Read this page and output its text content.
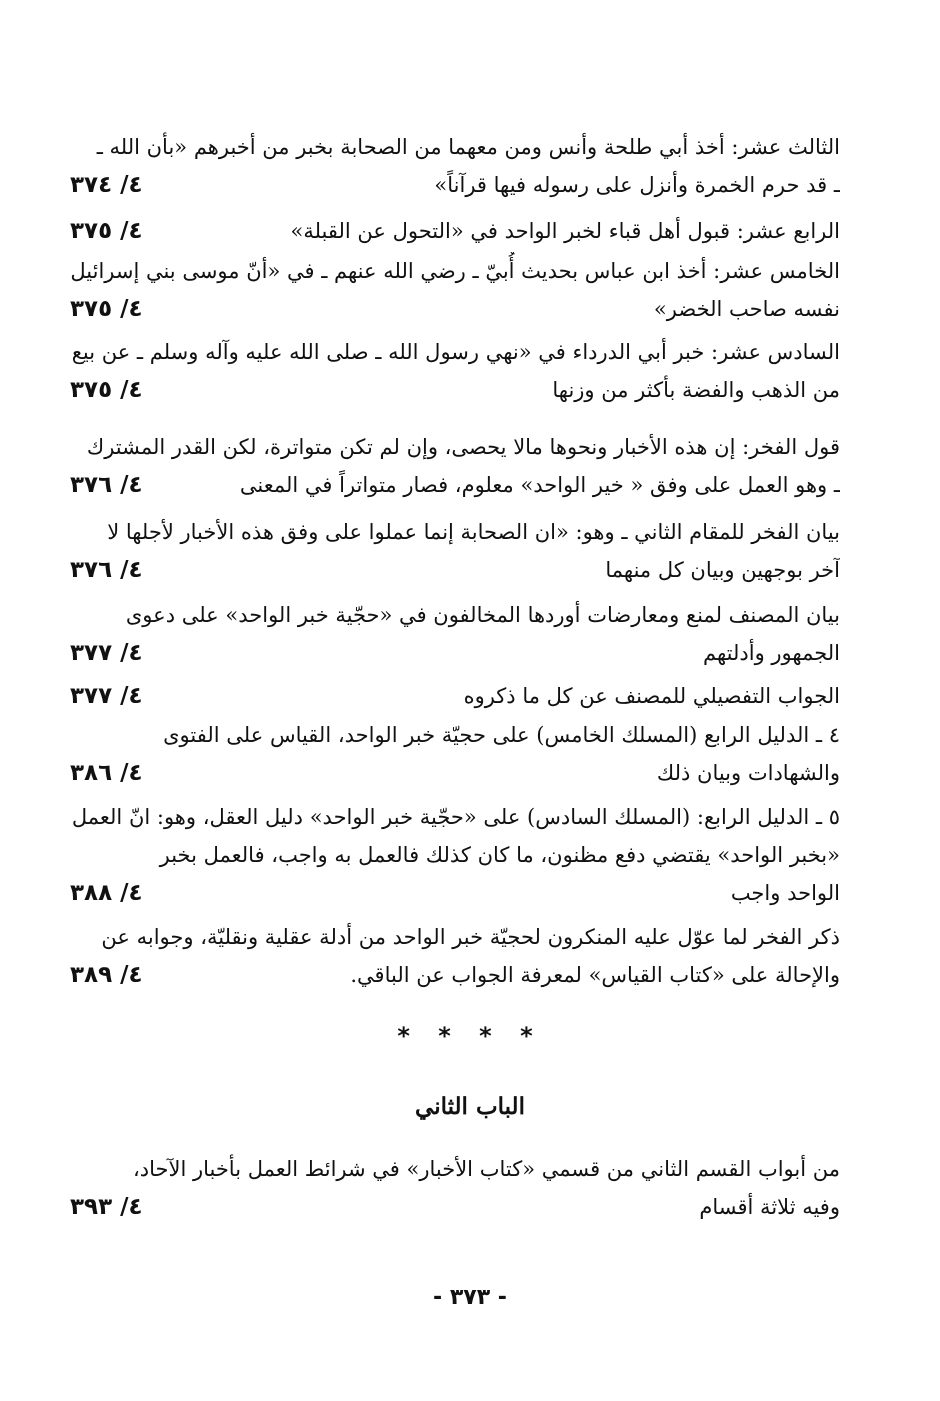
الثالث عشر: أخذ أبي طلحة وأنس ومن معهما من الصحابة بخبر من أخبرهم «بأن الله ـ
ـ قد حرم الخمرة وأنزل على رسوله فيها قرآناً»
٤/ ٣٧٤
الرابع عشر: قبول أهل قباء لخبر الواحد في «التحول عن القبلة»
٤/ ٣٧٥
الخامس عشر: أخذ ابن عباس بحديث أُبيّ ـ رضي الله عنهم ـ في «أنّ موسى بني إسرائيل
نفسه صاحب الخضر»
٤/ ٣٧٥
السادس عشر: خبر أبي الدرداء في «نهي رسول الله ـ صلى الله عليه وآله وسلم ـ عن بيع
من الذهب والفضة بأكثر من وزنها
٤/ ٣٧٥
قول الفخر: إن هذه الأخبار ونحوها مالا يحصى، وإن لم تكن متواترة، لكن القدر المشترك
ـ وهو العمل على وفق « خير الواحد» معلوم، فصار متواتراً في المعنى
٤/ ٣٧٦
بيان الفخر للمقام الثاني ـ وهو: «ان الصحابة إنما عملوا على وفق هذه الأخبار لأجلها لا
آخر بوجهين وبيان كل منهما
٤/ ٣٧٦
بيان المصنف لمنع ومعارضات أوردها المخالفون في «حجّية خبر الواحد» على دعوى
الجمهور وأدلتهم
٤/ ٣٧٧
الجواب التفصيلي للمصنف عن كل ما ذكروه
٤/ ٣٧٧
٤ ـ الدليل الرابع (المسلك الخامس) على حجيّة خبر الواحد، القياس على الفتوى
والشهادات وبيان ذلك
٤/ ٣٨٦
٥ ـ الدليل الرابع: (المسلك السادس) على «حجّية خبر الواحد» دليل العقل، وهو: انّ العمل
«بخبر الواحد» يقتضي دفع مظنون، ما كان كذلك فالعمل به واجب، فالعمل بخبر
الواحد واجب
٤/ ٣٨٨
ذكر الفخر لما عوّل عليه المنكرون لحجيّة خبر الواحد من أدلة عقلية ونقليّة، وجوابه عن
والإحالة على «كتاب القياس» لمعرفة الجواب عن الباقي.
٤/ ٣٨٩
* * * *
الباب الثاني
من أبواب القسم الثاني من قسمي «كتاب الأخبار» في شرائط العمل بأخبار الآحاد،
وفيه ثلاثة أقسام
٤/ ٣٩٣
- ٣٧٣ -
